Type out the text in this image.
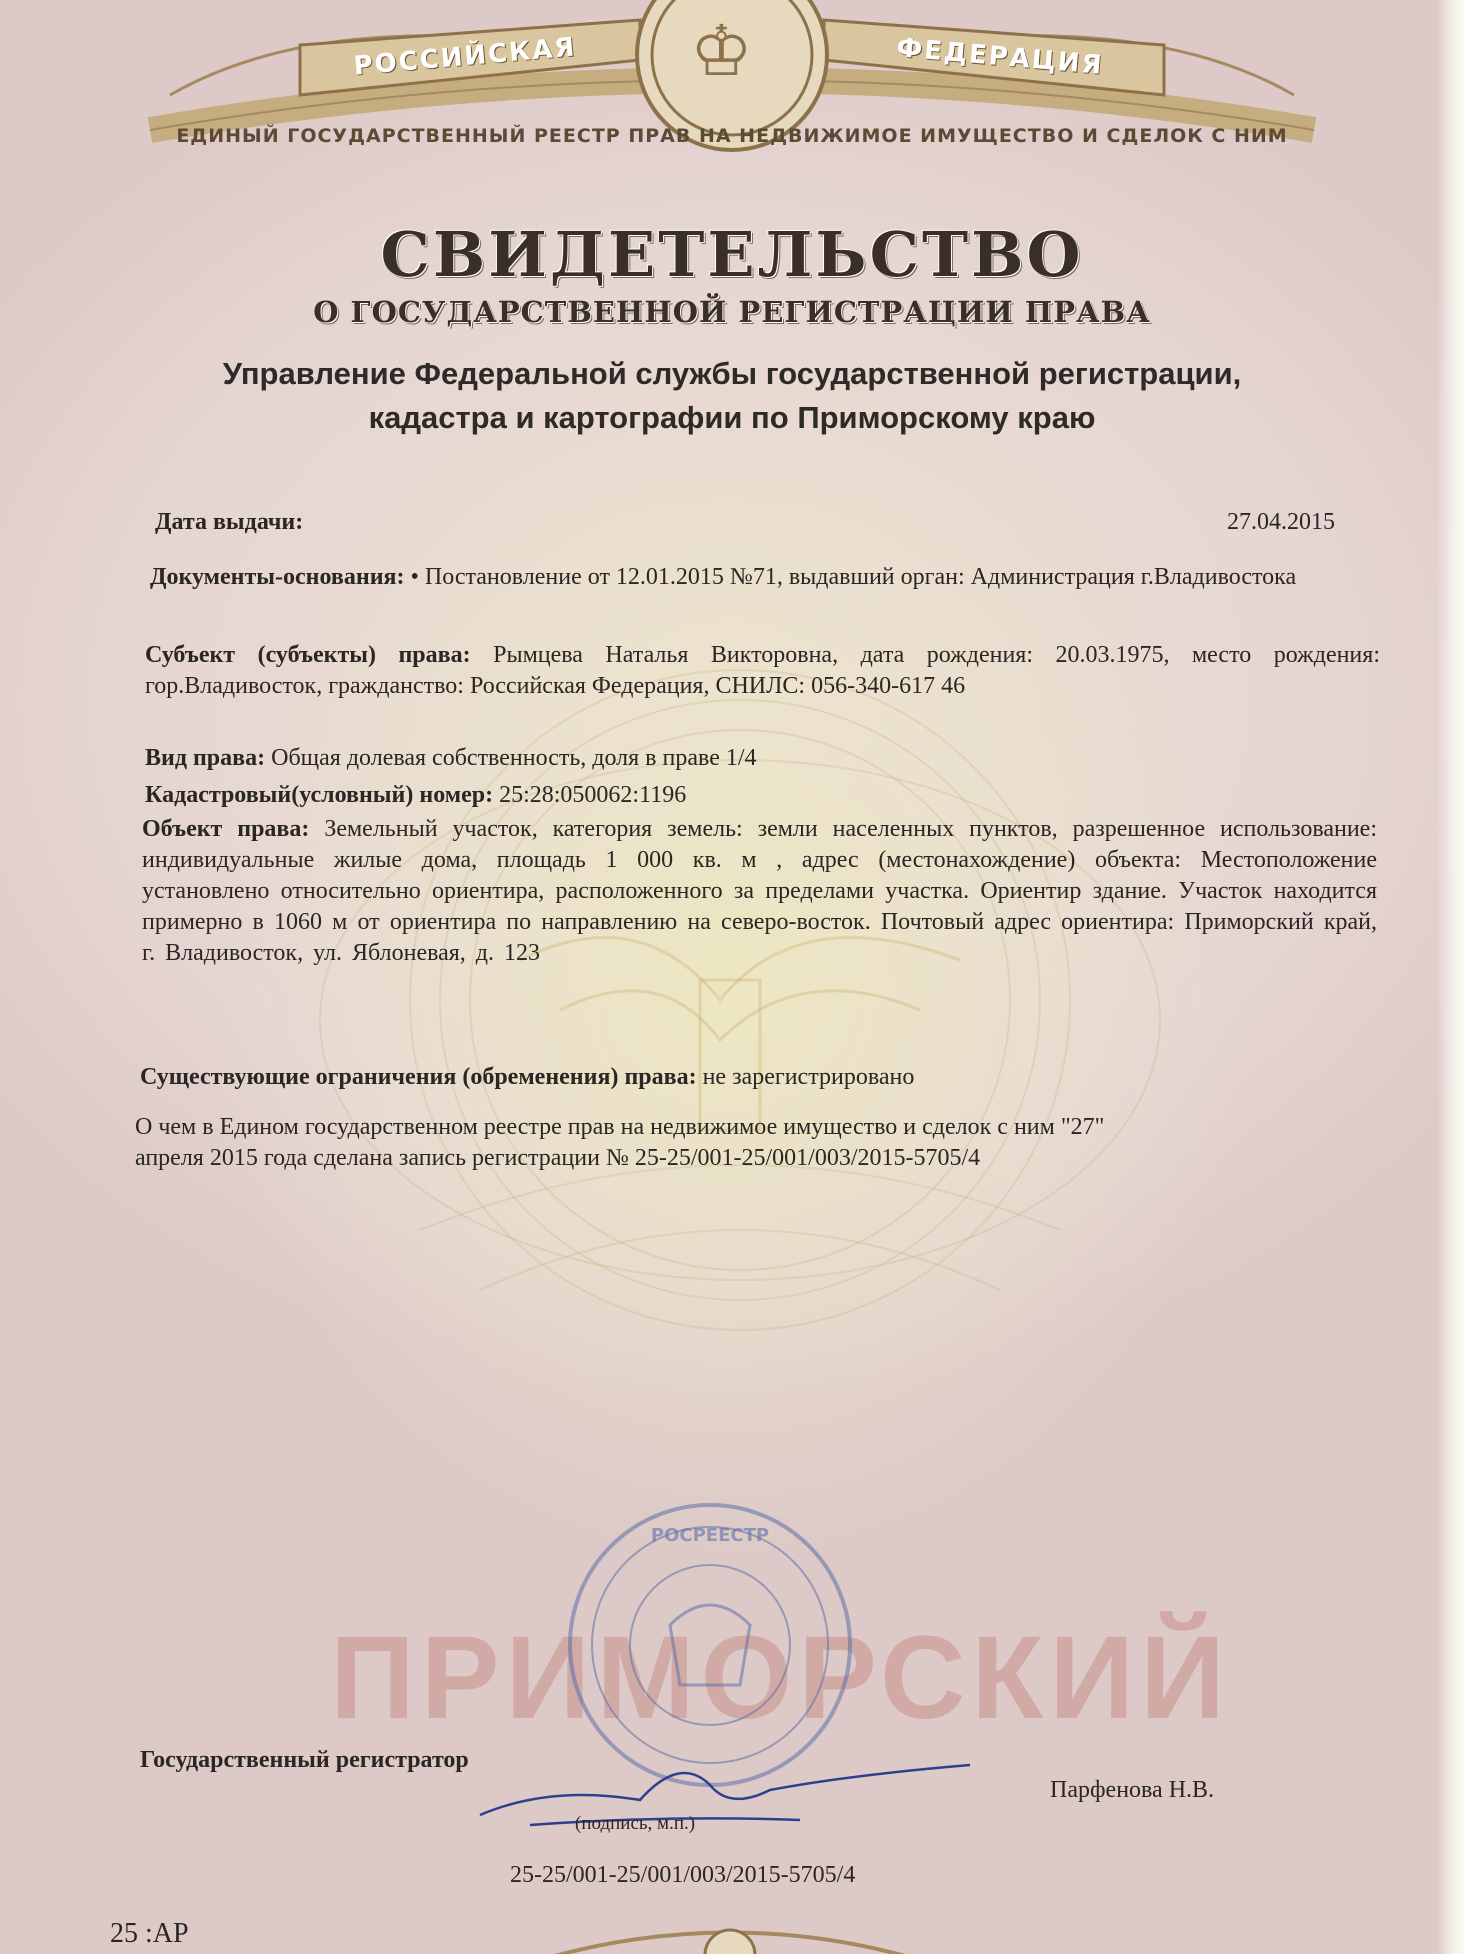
♔
РОССИЙСКАЯ	ФЕДЕРАЦИЯ
ЕДИНЫЙ ГОСУДАРСТВЕННЫЙ РЕЕСТР ПРАВ НА НЕДВИЖИМОЕ ИМУЩЕСТВО И СДЕЛОК С НИМ
СВИДЕТЕЛЬСТВО
О ГОСУДАРСТВЕННОЙ РЕГИСТРАЦИИ ПРАВА
Управление Федеральной службы государственной регистрации,
кадастра и картографии по Приморскому краю
Дата выдачи:	27.04.2015
Документы-основания: • Постановление от 12.01.2015 №71, выдавший орган: Администрация г.Владивостока
Субъект (субъекты) права: Рымцева Наталья Викторовна, дата рождения: 20.03.1975, место рождения: гор.Владивосток, гражданство: Российская Федерация, СНИЛС: 056-340-617 46
Вид права: Общая долевая собственность, доля в праве 1/4
Кадастровый(условный) номер: 25:28:050062:1196
Объект права: Земельный участок, категория земель: земли населенных пунктов, разрешенное использование: индивидуальные жилые дома, площадь 1 000 кв. м , адрес (местонахождение) объекта: Местоположение установлено относительно ориентира, расположенного за пределами участка. Ориентир здание. Участок находится примерно в 1060 м от ориентира по направлению на северо-восток. Почтовый адрес ориентира: Приморский край, г. Владивосток, ул. Яблоневая, д. 123
Существующие ограничения (обременения) права: не зарегистрировано
О чем в Едином государственном реестре прав на недвижимое имущество и сделок с ним "27"
апреля 2015 года сделана запись регистрации № 25-25/001-25/001/003/2015-5705/4
ПРИМОРСКИЙ
РОСРЕЕСТР
Государственный регистратор
Парфенова Н.В.
(подпись, м.п.)
25-25/001-25/001/003/2015-5705/4
25 :AP
